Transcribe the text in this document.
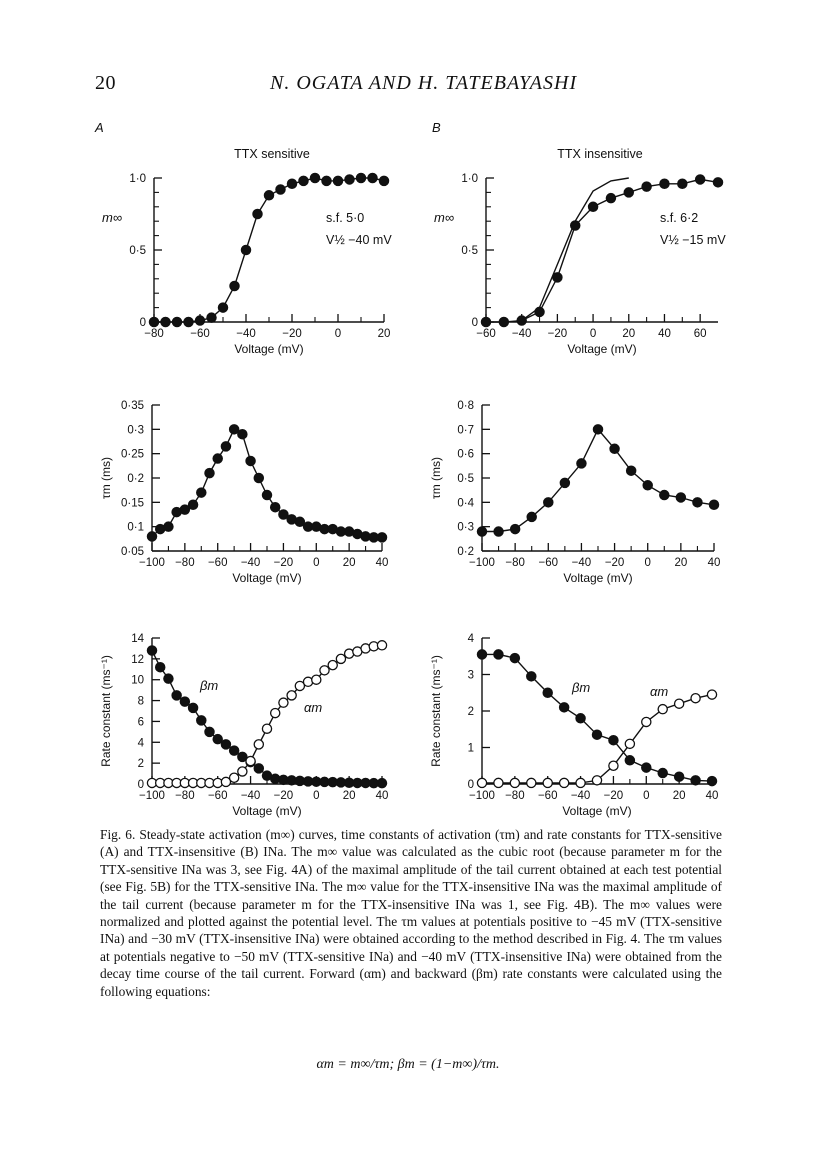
20	N. OGATA AND H. TATEBAYASHI
A	B
−80 −60 −40 −20	0	20
0
0·5
1·0
Voltage (mV)
m∞
TTX sensitive
s.f. 5·0
V½ −40 mV
−60 −40 −20 0 20 40 60
0
0·5
1·0
Voltage (mV)
m∞
TTX insensitive
s.f. 6·2
V½ −15 mV
−100 −80 −60 −40 −20 0 20 40
0·05
0·1
0·15
0·2
0·25
0·3
0·35
Voltage (mV)
τm (ms)
−100 −80 −60 −40 −20 0 20 40
0·2
0·3
0·4
0·5
0·6
0·7
0·8
Voltage (mV)
τm (ms)
−100 −80 −60 −40 −20 0 20 40
0
2
4
6
8
10
12
14
Voltage (mV)
Rate constant (ms⁻¹)	βm
αm
−100 −80 −60 −40 −20 0 20 40
0
1
2
3
4
Voltage (mV)
Rate constant (ms⁻¹)	βm	αm
Fig. 6. Steady-state activation (m∞) curves, time constants of activation (τm) and rate constants for TTX-sensitive (A) and TTX-insensitive (B) INa. The m∞ value was calculated as the cubic root (because parameter m for the TTX-sensitive INa was 3, see Fig. 4A) of the maximal amplitude of the tail current obtained at each test potential (see Fig. 5B) for the TTX-sensitive INa. The m∞ value for the TTX-insensitive INa was the maximal amplitude of the tail current (because parameter m for the TTX-insensitive INa was 1, see Fig. 4B). The m∞ values were normalized and plotted against the potential level. The τm values at potentials positive to −45 mV (TTX-sensitive INa) and −30 mV (TTX-insensitive INa) were obtained according to the method described in Fig. 4. The τm values at potentials negative to −50 mV (TTX-sensitive INa) and −40 mV (TTX-insensitive INa) were obtained from the decay time course of the tail current. Forward (αm) and backward (βm) rate constants were calculated using the following equations:
αm = m∞/τm; βm = (1−m∞)/τm.
